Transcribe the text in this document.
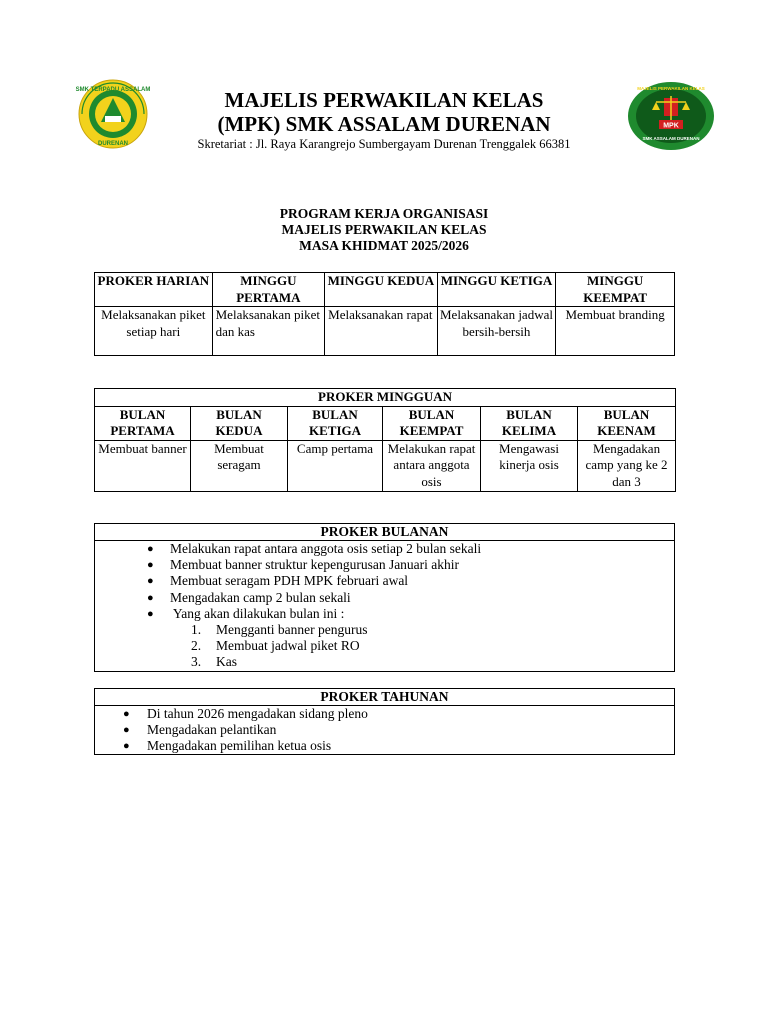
SMK TERPADU ASSALAM
DURENAN
MPK
MAJELIS PERWAKILAN KELAS
SMK ASSALAM DURENAN
MAJELIS PERWAKILAN KELAS
(MPK) SMK ASSALAM DURENAN
Skretariat : Jl. Raya Karangrejo Sumbergayam Durenan Trenggalek 66381
PROGRAM KERJA ORGANISASI
MAJELIS PERWAKILAN KELAS
MASA KHIDMAT 2025/2026
PROKER HARIAN	MINGGU PERTAMA	MINGGU KEDUA	MINGGU KETIGA	MINGGU KEEMPAT
Melaksanakan piket setiap hari	Melaksanakan piket dan kas	Melaksanakan rapat	Melaksanakan jadwal bersih-bersih	Membuat branding
PROKER MINGGUAN					
BULAN PERTAMA	BULAN KEDUA	BULAN KETIGA	BULAN KEEMPAT	BULAN KELIMA	BULAN KEENAM
Membuat banner	Membuat seragam	Camp pertama	Melakukan rapat antara anggota osis	Mengawasi kinerja osis	Mengadakan camp yang ke 2 dan 3
PROKER BULANAN
● Melakukan rapat antara anggota osis setiap 2 bulan sekali
● Membuat banner struktur kepengurusan Januari akhir
● Membuat seragam PDH MPK februari awal
● Mengadakan camp 2 bulan sekali
● Yang akan dilakukan bulan ini :
1. Mengganti banner pengurus
2. Membuat jadwal piket RO
3. Kas
PROKER TAHUNAN
● Di tahun 2026 mengadakan sidang pleno
● Mengadakan pelantikan
● Mengadakan pemilihan ketua osis
